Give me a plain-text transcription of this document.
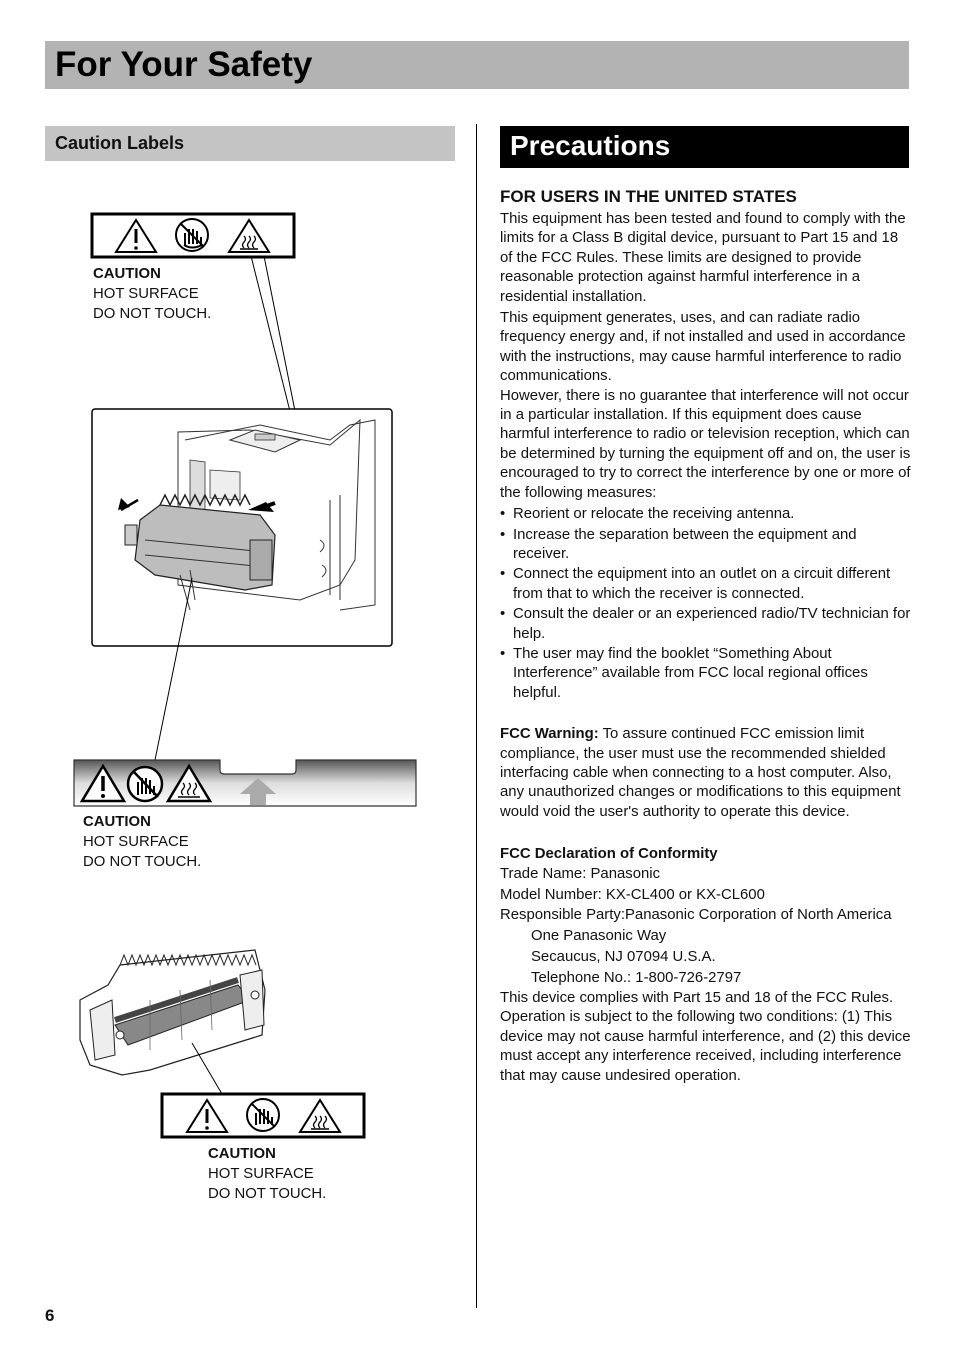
For Your Safety
Caution Labels	Precautions
CAUTION
HOT SURFACE
DO NOT TOUCH.
CAUTION
HOT SURFACE
DO NOT TOUCH.
CAUTION
HOT SURFACE
DO NOT TOUCH.
FOR USERS IN THE UNITED STATES

This equipment has been tested and found to comply with the limits for a Class B digital device, pursuant to Part 15 and 18 of the FCC Rules. These limits are designed to provide reasonable protection against harmful interference in a residential installation.

This equipment generates, uses, and can radiate radio frequency energy and, if not installed and used in accordance with the instructions, may cause harmful interference to radio communications.

However, there is no guarantee that interference will not occur in a particular installation. If this equipment does cause harmful interference to radio or television reception, which can be determined by turning the equipment off and on, the user is encouraged to try to correct the interference by one or more of the following measures:

• Reorient or relocate the receiving antenna.
• Increase the separation between the equipment and receiver.
• Connect the equipment into an outlet on a circuit different from that to which the receiver is connected.
• Consult the dealer or an experienced radio/TV technician for help.
• The user may find the booklet “Something About Interference” available from FCC local regional offices helpful.

FCC Warning: To assure continued FCC emission limit compliance, the user must use the recommended shielded interfacing cable when connecting to a host computer. Also, any unauthorized changes or modifications to this equipment would void the user's authority to operate this device.

FCC Declaration of Conformity

Trade Name: Panasonic

Model Number: KX-CL400 or KX-CL600

Responsible Party:Panasonic Corporation of North America

One Panasonic Way

Secaucus, NJ 07094 U.S.A.

Telephone No.: 1-800-726-2797

This device complies with Part 15 and 18 of the FCC Rules.

Operation is subject to the following two conditions: (1) This device may not cause harmful interference, and (2) this device must accept any interference received, including interference that may cause undesired operation.

6
